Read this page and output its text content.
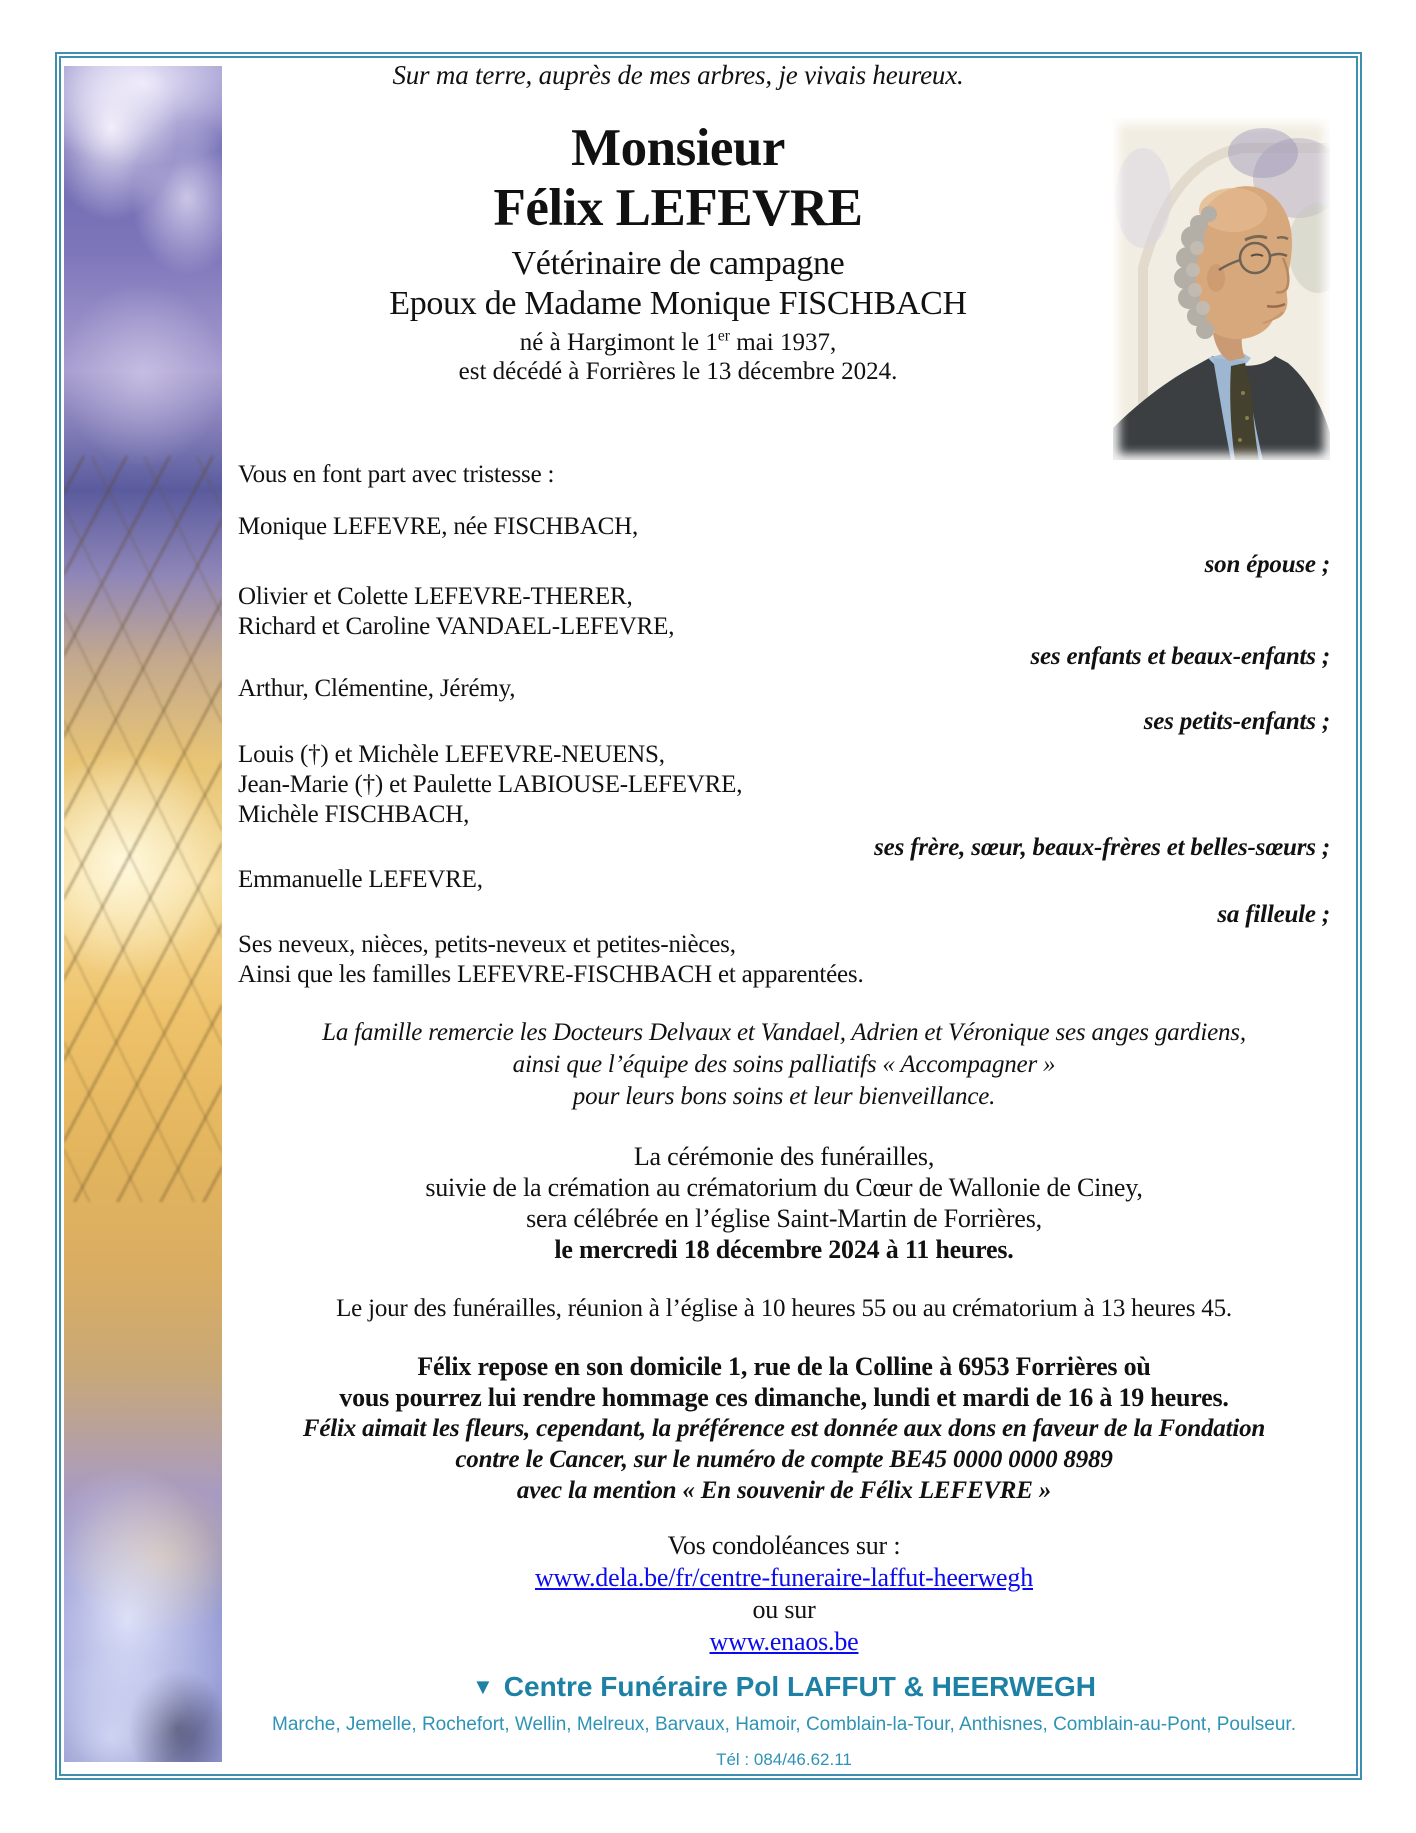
Sur ma terre, auprès de mes arbres, je vivais heureux.
Monsieur
Félix LEFEVRE
Vétérinaire de campagne
Epoux de Madame Monique FISCHBACH
né à Hargimont le 1er mai 1937,
est décédé à Forrières le 13 décembre 2024.
Vous en font part avec tristesse :
Monique LEFEVRE, née FISCHBACH,
son épouse ;
Olivier et Colette LEFEVRE-THERER,
Richard et Caroline VANDAEL-LEFEVRE,
ses enfants et beaux-enfants ;
Arthur, Clémentine, Jérémy,
ses petits-enfants ;
Louis (†) et Michèle LEFEVRE-NEUENS,
Jean-Marie (†) et Paulette LABIOUSE-LEFEVRE,
Michèle FISCHBACH,
ses frère, sœur, beaux-frères et belles-sœurs ;
Emmanuelle LEFEVRE,
sa filleule ;
Ses neveux, nièces, petits-neveux et petites-nièces,
Ainsi que les familles LEFEVRE-FISCHBACH et apparentées.
La famille remercie les Docteurs Delvaux et Vandael, Adrien et Véronique ses anges gardiens,
ainsi que l’équipe des soins palliatifs « Accompagner »
pour leurs bons soins et leur bienveillance.
La cérémonie des funérailles,
suivie de la crémation au crématorium du Cœur de Wallonie de Ciney,
sera célébrée en l’église Saint-Martin de Forrières,
le mercredi 18 décembre 2024 à 11 heures.
Le jour des funérailles, réunion à l’église à 10 heures 55 ou au crématorium à 13 heures 45.
Félix repose en son domicile 1, rue de la Colline à 6953 Forrières où
vous pourrez lui rendre hommage ces dimanche, lundi et mardi de 16 à 19 heures.
Félix aimait les fleurs, cependant, la préférence est donnée aux dons en faveur de la Fondation
contre le Cancer, sur le numéro de compte BE45 0000 0000 8989
avec la mention « En souvenir de Félix LEFEVRE »
Vos condoléances sur :
www.dela.be/fr/centre-funeraire-laffut-heerwegh
ou sur
www.enaos.be
▼ Centre Funéraire Pol LAFFUT & HEERWEGH
Marche, Jemelle, Rochefort, Wellin, Melreux, Barvaux, Hamoir, Comblain-la-Tour, Anthisnes, Comblain-au-Pont, Poulseur.
Tél : 084/46.62.11
